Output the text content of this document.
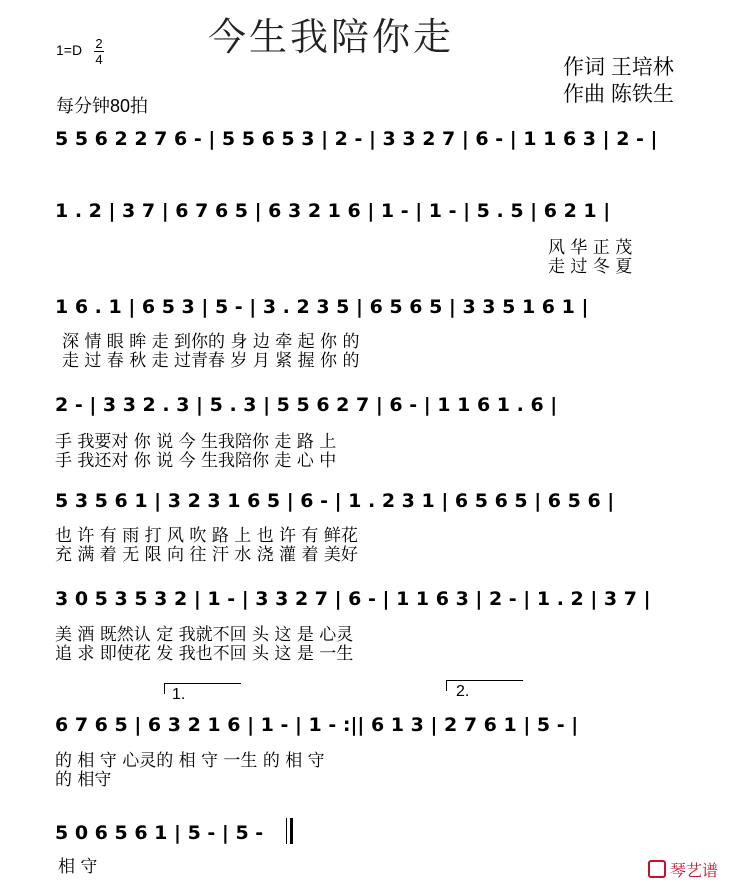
今生我陪你走
1=D 2
4
每分钟80拍
作词 王培林
作曲 陈铁生
5 5 6 2 2 7 6 - | 5 5 6 5 3 | 2 - | 3 3 2 7 | 6 - | 1 1 6 3 | 2 - |
1 . 2 | 3 7 | 6 7 6 5 | 6 3 2 1 6 | 1 - | 1 - | 5 . 5 | 6 2 1 |
风 华 正 茂
走 过 冬 夏
1 6 . 1 | 6 5 3 | 5 - | 3 . 2 3 5 | 6 5 6 5 | 3 3 5 1 6 1 |
深 情 眼 眸 走 到你的 身 边 牵 起 你 的
走 过 春 秋 走 过青春 岁 月 紧 握 你 的
2 - | 3 3 2 . 3 | 5 . 3 | 5 5 6 2 7 | 6 - | 1 1 6 1 . 6 |
手 我要对 你 说 今 生我陪你 走 路 上
手 我还对 你 说 今 生我陪你 走 心 中
5 3 5 6 1 | 3 2 3 1 6 5 | 6 - | 1 . 2 3 1 | 6 5 6 5 | 6 5 6 |
也 许 有 雨 打 风 吹 路 上 也 许 有 鲜花
充 满 着 无 限 向 往 汗 水 浇 灌 着 美好
3 0 5 3 5 3 2 | 1 - | 3 3 2 7 | 6 - | 1 1 6 3 | 2 - | 1 . 2 | 3 7 |
美 酒 既然认 定 我就不回 头 这 是 心灵
追 求 即使花 发 我也不回 头 这 是 一生
1.	2.
6 7 6 5 | 6 3 2 1 6 | 1 - | 1 - :|| 6 1 3 | 2 7 6 1 | 5 - |
的 相 守 心灵的 相 守 一生 的 相 守
的 相守
5 0 6 5 6 1 | 5 - | 5 -
相 守	琴艺谱
